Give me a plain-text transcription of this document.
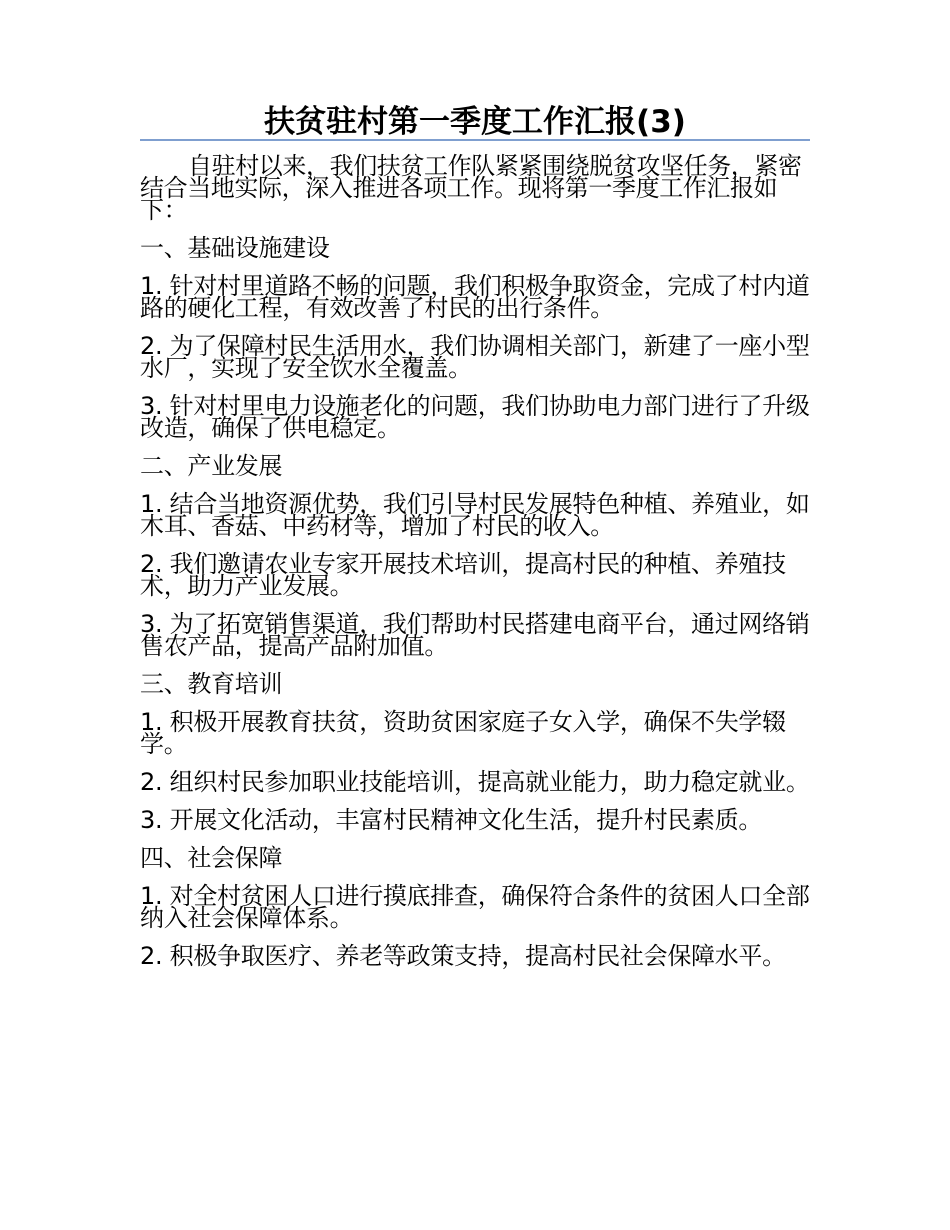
扶贫驻村第一季度工作汇报(3)

自驻村以来，我们扶贫工作队紧紧围绕脱贫攻坚任务，紧密结合当地实际，深入推进各项工作。现将第一季度工作汇报如下：

一、基础设施建设

1. 针对村里道路不畅的问题，我们积极争取资金，完成了村内道路的硬化工程，有效改善了村民的出行条件。

2. 为了保障村民生活用水，我们协调相关部门，新建了一座小型水厂，实现了安全饮水全覆盖。

3. 针对村里电力设施老化的问题，我们协助电力部门进行了升级改造，确保了供电稳定。

二、产业发展

1. 结合当地资源优势，我们引导村民发展特色种植、养殖业，如木耳、香菇、中药材等，增加了村民的收入。

2. 我们邀请农业专家开展技术培训，提高村民的种植、养殖技术，助力产业发展。

3. 为了拓宽销售渠道，我们帮助村民搭建电商平台，通过网络销售农产品，提高产品附加值。

三、教育培训

1. 积极开展教育扶贫，资助贫困家庭子女入学，确保不失学辍学。

2. 组织村民参加职业技能培训，提高就业能力，助力稳定就业。

3. 开展文化活动，丰富村民精神文化生活，提升村民素质。

四、社会保障

1. 对全村贫困人口进行摸底排查，确保符合条件的贫困人口全部纳入社会保障体系。

2. 积极争取医疗、养老等政策支持，提高村民社会保障水平。
